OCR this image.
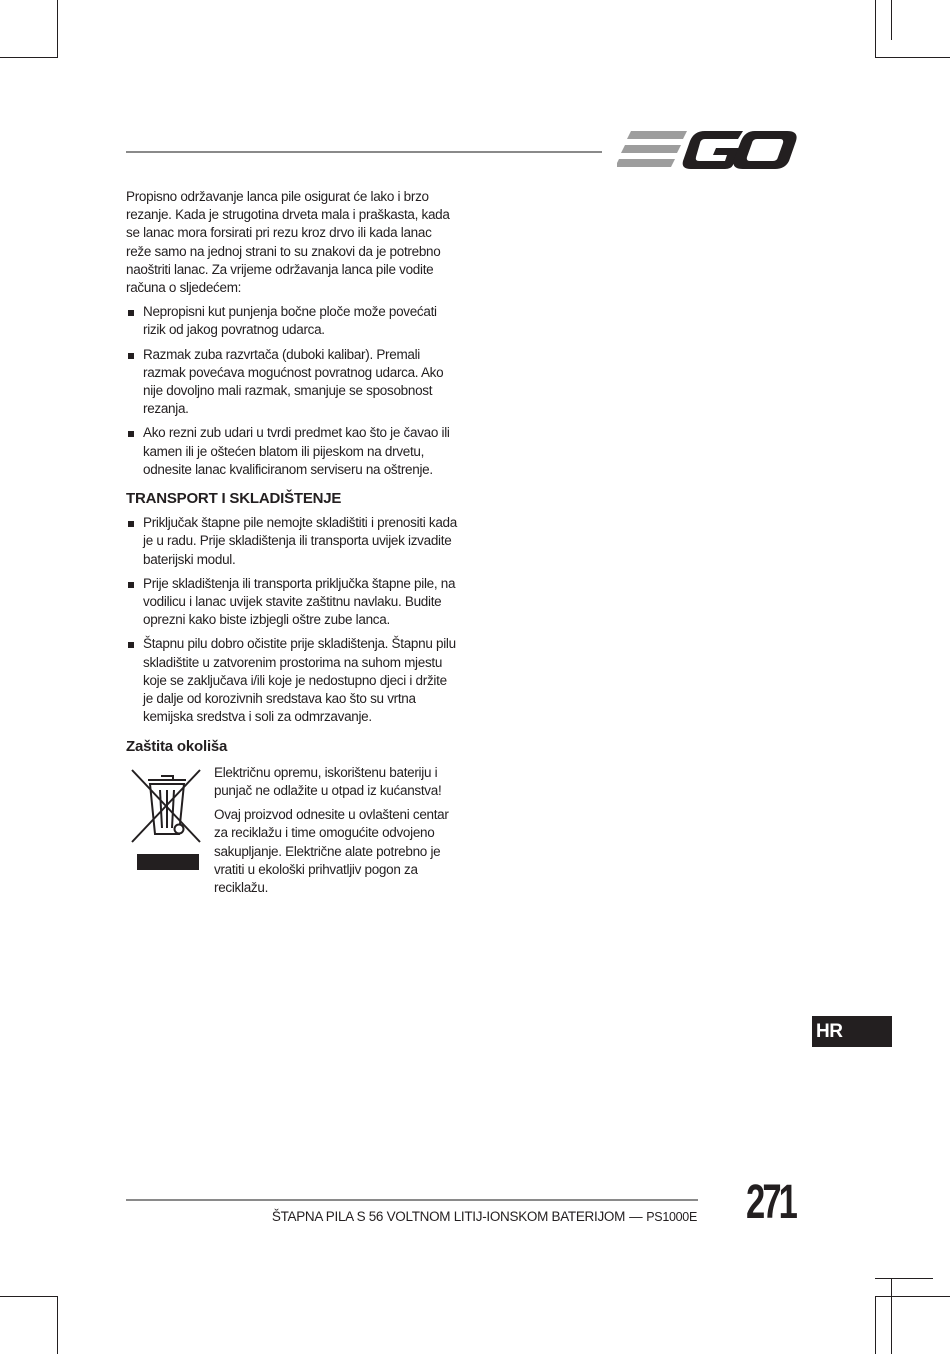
Propisno održavanje lanca pile osigurat će lako i brzo rezanje. Kada je strugotina drveta mala i praškasta, kada se lanac mora forsirati pri rezu kroz drvo ili kada lanac reže samo na jednoj strani to su znakovi da je potrebno naoštriti lanac. Za vrijeme održavanja lanca pile vodite računa o sljedećem:

Nepropisni kut punjenja bočne ploče može povećati rizik od jakog povratnog udarca.
Razmak zuba razvrtača (duboki kalibar). Premali razmak povećava mogućnost povratnog udarca. Ako nije dovoljno mali razmak, smanjuje se sposobnost rezanja.
Ako rezni zub udari u tvrdi predmet kao što je čavao ili kamen ili je oštećen blatom ili pijeskom na drvetu, odnesite lanac kvalificiranom serviseru na oštrenje.
TRANSPORT I SKLADIŠTENJE
Priključak štapne pile nemojte skladištiti i prenositi kada je u radu. Prije skladištenja ili transporta uvijek izvadite baterijski modul.
Prije skladištenja ili transporta priključka štapne pile, na vodilicu i lanac uvijek stavite zaštitnu navlaku. Budite oprezni kako biste izbjegli oštre zube lanca.
Štapnu pilu dobro očistite prije skladištenja. Štapnu pilu skladištite u zatvorenim prostorima na suhom mjestu koje se zaključava i/ili koje je nedostupno djeci i držite je dalje od korozivnih sredstava kao što su vrtna kemijska sredstva i soli za odmrzavanje.
Zaštita okoliša

Električnu opremu, iskorištenu bateriju i punjač ne odlažite u otpad iz kućanstva!

Ovaj proizvod odnesite u ovlašteni centar za reciklažu i time omogućite odvojeno sakupljanje. Električne alate potrebno je vratiti u ekološki prihvatljiv pogon za reciklažu.

HR
ŠTAPNA PILA S 56 VOLTNOM LITIJ-IONSKOM BATERIJOM — PS1000E 271
